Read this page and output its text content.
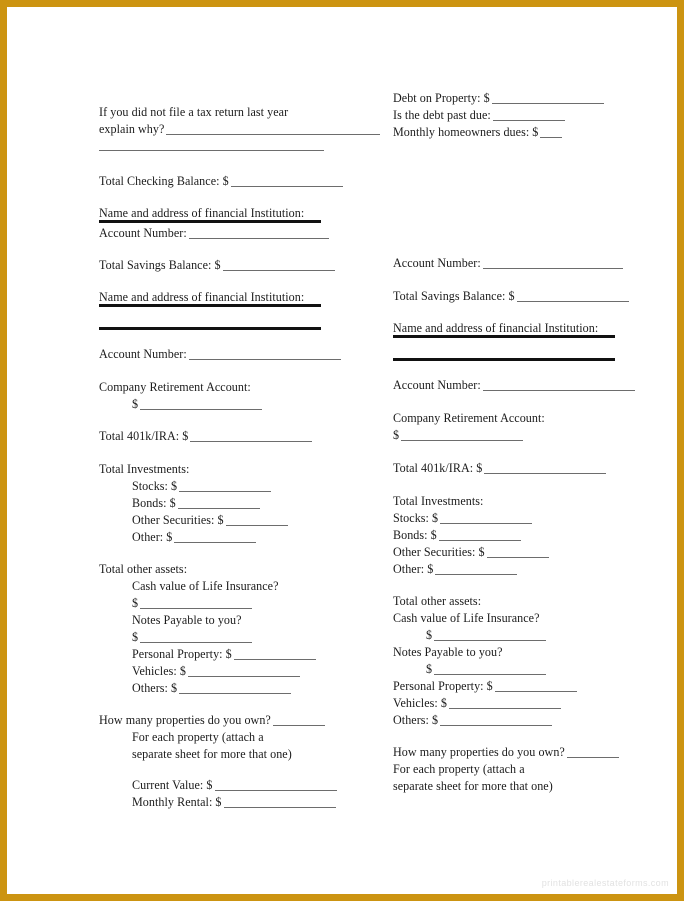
If you did not file a tax return last year
explain why?
Total Checking Balance: $
Name and address of financial Institution:
Account Number:
Total Savings Balance: $
Name and address of financial Institution:
Account Number:
Company Retirement Account:
$
Total 401k/IRA: $
Total Investments:
Stocks: $
Bonds: $
Other Securities: $
Other: $
Total other assets:
Cash value of Life Insurance?
$
Notes Payable to you?
$
Personal Property: $
Vehicles: $
Others: $
How many properties do you own?
For each property (attach a
separate sheet for more that one)
Current Value: $
Monthly Rental: $
Debt on Property: $
Is the debt past due:
Monthly homeowners dues: $
Account Number:
Total Savings Balance: $
Name and address of financial Institution:
Account Number:
Company Retirement Account:
$
Total 401k/IRA: $
Total Investments:
Stocks: $
Bonds: $
Other Securities: $
Other: $
Total other assets:
Cash value of Life Insurance?
$
Notes Payable to you?
$
Personal Property: $
Vehicles: $
Others: $
How many properties do you own?
For each property (attach a
separate sheet for more that one)
printablerealestateforms.com
